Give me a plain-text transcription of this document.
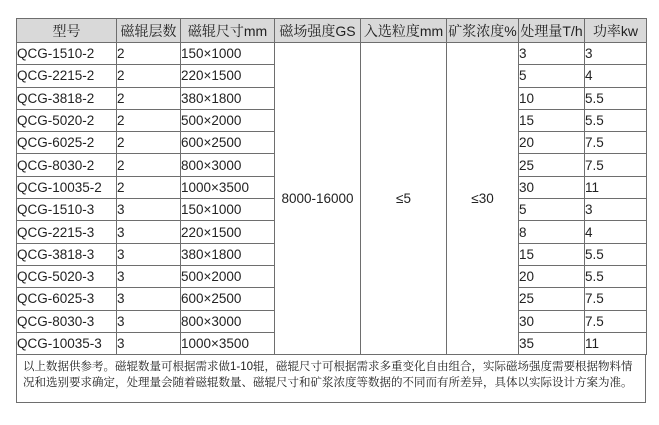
型号	磁辊层数	磁辊尺寸mm	磁场强度GS	入选粒度mm	矿浆浓度%	处理量T/h	功率kw
QCG-1510-2	2	150×1000	8000-16000	≤5	≤30	3	3
QCG-2215-2	2	220×1500				5	4
QCG-3818-2	2	380×1800				10	5.5
QCG-5020-2	2	500×2000				15	5.5
QCG-6025-2	2	600×2500				20	7.5
QCG-8030-2	2	800×3000				25	7.5
QCG-10035-2	2	1000×3500				30	11
QCG-1510-3	3	150×1000				5	3
QCG-2215-3	3	220×1500				8	4
QCG-3818-3	3	380×1800				15	5.5
QCG-5020-3	3	500×2000				20	5.5
QCG-6025-3	3	600×2500				25	7.5
QCG-8030-3	3	800×3000				30	7.5
QCG-10035-3	3	1000×3500				35	11
以上数据供参考。磁辊数量可根据需求做1-10辊，磁辊尺寸可根据需求多重变化自由组合，实际磁场强度需要根据物料情况和选别要求确定，处理量会随着磁辊数量、磁辊尺寸和矿浆浓度等数据的不同而有所差异，具体以实际设计方案为准。
